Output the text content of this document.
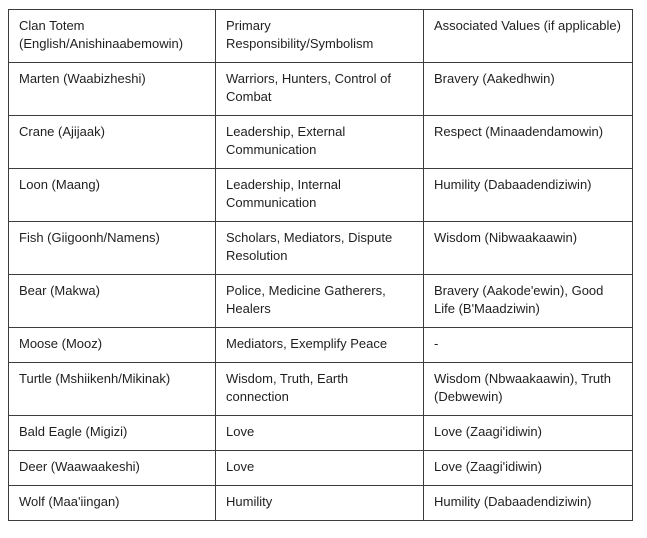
Clan Totem (English/Anishinaabemowin)	Primary Responsibility/Symbolism	Associated Values (if applicable)
Marten (Waabizheshi)	Warriors, Hunters, Control of Combat	Bravery (Aakedhwin)
Crane (Ajijaak)	Leadership, External Communication	Respect (Minaadendamowin)
Loon (Maang)	Leadership, Internal Communication	Humility (Dabaadendiziwin)
Fish (Giigoonh/Namens)	Scholars, Mediators, Dispute Resolution	Wisdom (Nibwaakaawin)
Bear (Makwa)	Police, Medicine Gatherers, Healers	Bravery (Aakode'ewin), Good Life (B'Maadziwin)
Moose (Mooz)	Mediators, Exemplify Peace	-
Turtle (Mshiikenh/Mikinak)	Wisdom, Truth, Earth connection	Wisdom (Nbwaakaawin), Truth (Debwewin)
Bald Eagle (Migizi)	Love	Love (Zaagi'idiwin)
Deer (Waawaakeshi)	Love	Love (Zaagi'idiwin)
Wolf (Maa'iingan)	Humility	Humility (Dabaadendiziwin)
